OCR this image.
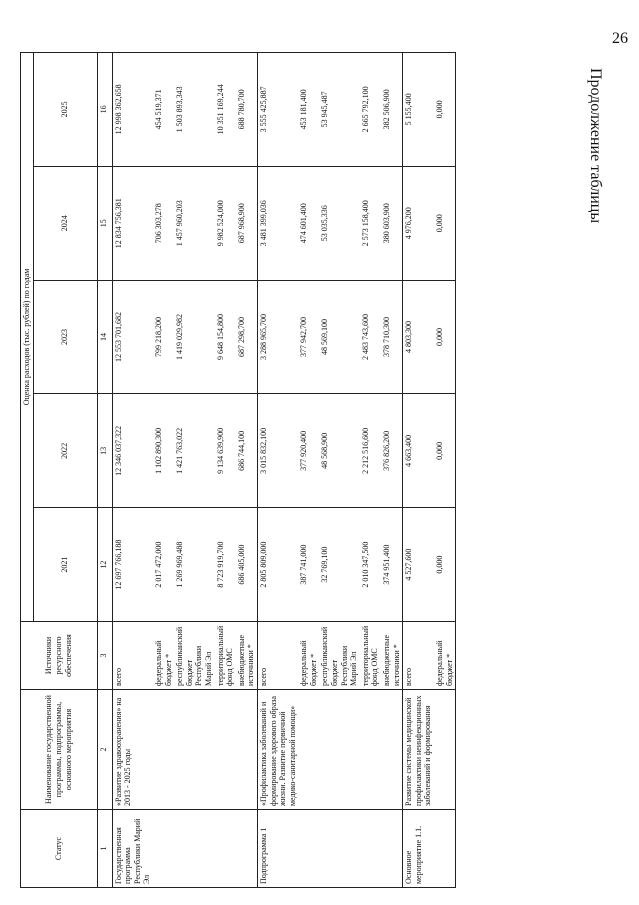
26
Продолжение таблицы
Статус	Наименование государственной программы, подпрограммы, основного мероприятия	Источники ресурсного обеспечения	Оценка расходов (тыс. рублей) по годам				
			2021	2022	2023	2024	2025
1	2	3	12	13	14	15	16
Государственная программа Республики Марий Эл	«Развитие здравоохранения» на 2013 - 2025 годы	всего	12 697 766,188	12 346 037,322	12 553 701,682	12 834 756,381	12 998 362,658
		федеральный бюджет *	2 017 472,000	1 102 890,300	799 218,200	706 303,278	454 519,371
		республиканский бюджет Республики Марий Эл	1 269 969,488	1 421 763,022	1 419 029,982	1 457 960,203	1 503 893,343
		территориальный фонд ОМС	8 723 919,700	9 134 639,900	9 648 154,800	9 982 524,000	10 351 169,244
		внебюджетные источники *	686 405,000	686 744,100	687 298,700	687 968,900	688 780,700
Подпрограмма 1	«Профилактика заболеваний и формирование здорового образа жизни. Развитие первичной медико-санитарной помощи»	всего	2 805 809,000	3 015 832,100	3 288 965,700	3 481 399,036	3 555 425,887
		федеральный бюджет *	387 741,000	377 920,400	377 942,700	474 601,400	453 181,400
		республиканский бюджет Республики Марий Эл	32 769,100	48 568,900	48 569,100	53 035,336	53 945,487
		территориальный фонд ОМС	2 010 347,500	2 212 516,600	2 483 743,600	2 573 158,400	2 665 792,100
		внебюджетные источники *	374 951,400	376 826,200	378 710,300	380 603,900	382 506,900
Основное мероприятие 1.1.	Развитие системы медицинской профилактики неинфекционных заболеваний и формирования	всего	4 527,600	4 663,400	4 803,300	4 976,200	5 155,400
		федеральный бюджет *	0,000	0,000	0,000	0,000	0,000
